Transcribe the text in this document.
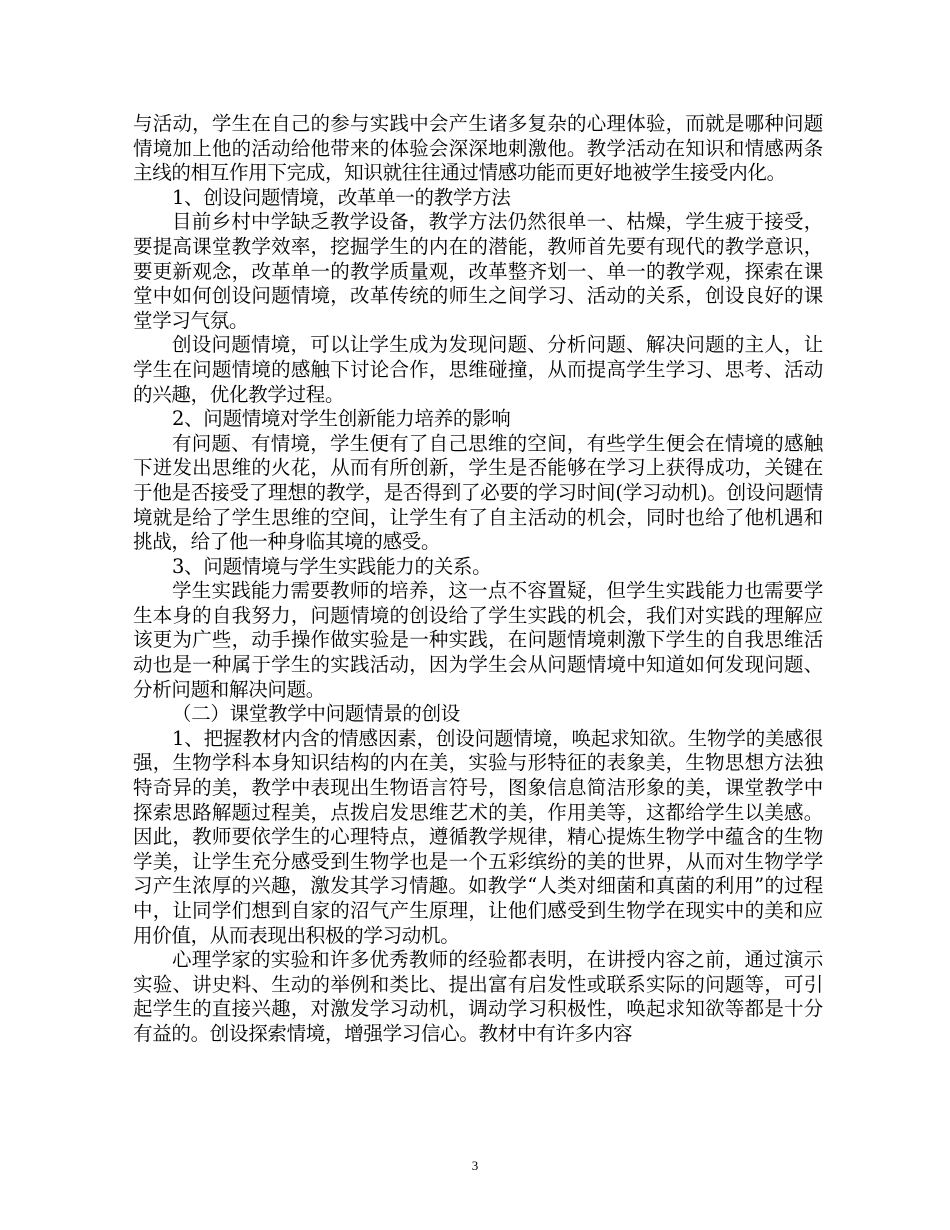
与活动，学生在自己的参与实践中会产生诸多复杂的心理体验，而就是哪种问题情境加上他的活动给他带来的体验会深深地刺激他。教学活动在知识和情感两条主线的相互作用下完成，知识就往往通过情感功能而更好地被学生接受内化。

1、创设问题情境，改革单一的教学方法

目前乡村中学缺乏教学设备，教学方法仍然很单一、枯燥，学生疲于接受，要提高课堂教学效率，挖掘学生的内在的潜能，教师首先要有现代的教学意识，要更新观念，改革单一的教学质量观，改革整齐划一、单一的教学观，探索在课堂中如何创设问题情境，改革传统的师生之间学习、活动的关系，创设良好的课堂学习气氛。

创设问题情境，可以让学生成为发现问题、分析问题、解决问题的主人，让学生在问题情境的感触下讨论合作，思维碰撞，从而提高学生学习、思考、活动的兴趣，优化教学过程。

2、问题情境对学生创新能力培养的影响

有问题、有情境，学生便有了自己思维的空间，有些学生便会在情境的感触下迸发出思维的火花，从而有所创新，学生是否能够在学习上获得成功，关键在于他是否接受了理想的教学，是否得到了必要的学习时间(学习动机)。创设问题情境就是给了学生思维的空间，让学生有了自主活动的机会，同时也给了他机遇和挑战，给了他一种身临其境的感受。

3、问题情境与学生实践能力的关系。

学生实践能力需要教师的培养，这一点不容置疑，但学生实践能力也需要学生本身的自我努力，问题情境的创设给了学生实践的机会，我们对实践的理解应该更为广些，动手操作做实验是一种实践，在问题情境刺激下学生的自我思维活动也是一种属于学生的实践活动，因为学生会从问题情境中知道如何发现问题、分析问题和解决问题。

（二）课堂教学中问题情景的创设

1、把握教材内含的情感因素，创设问题情境，唤起求知欲。生物学的美感很强，生物学科本身知识结构的内在美，实验与形特征的表象美，生物思想方法独特奇异的美，教学中表现出生物语言符号，图象信息简洁形象的美，课堂教学中探索思路解题过程美，点拨启发思维艺术的美，作用美等，这都给学生以美感。因此，教师要依学生的心理特点，遵循教学规律，精心提炼生物学中蕴含的生物学美，让学生充分感受到生物学也是一个五彩缤纷的美的世界，从而对生物学学习产生浓厚的兴趣，激发其学习情趣。如教学“人类对细菌和真菌的利用”的过程中，让同学们想到自家的沼气产生原理，让他们感受到生物学在现实中的美和应用价值，从而表现出积极的学习动机。

心理学家的实验和许多优秀教师的经验都表明，在讲授内容之前，通过演示实验、讲史料、生动的举例和类比、提出富有启发性或联系实际的问题等，可引起学生的直接兴趣，对激发学习动机，调动学习积极性，唤起求知欲等都是十分有益的。创设探索情境，增强学习信心。教材中有许多内容

3
